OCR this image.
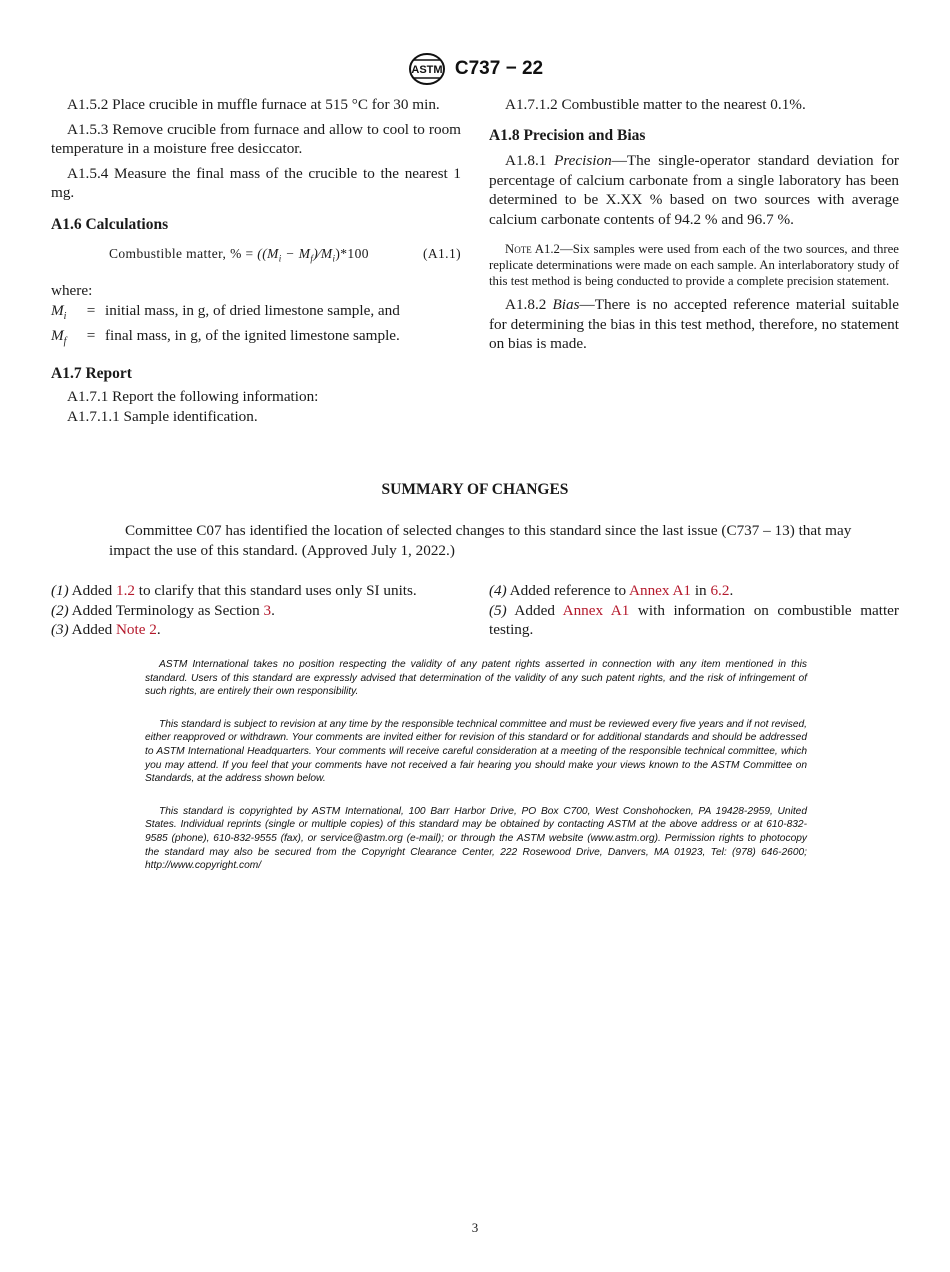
ASTM C737 − 22

A1.5.2 Place crucible in muffle furnace at 515 °C for 30 min.

A1.5.3 Remove crucible from furnace and allow to cool to room temperature in a moisture free desiccator.

A1.5.4 Measure the final mass of the crucible to the nearest 1 mg.

A1.6 Calculations

Combustible matter, % = (($M_i$ − $M_f)⁄M_i)*100$	(A1.1)

where:

$M_i$	= initial mass, in g, of dried limestone sample, and
$M_f$	= final mass, in g, of the ignited limestone sample.

A1.7 Report

A1.7.1 Report the following information:

A1.7.1.1 Sample identification.

A1.7.1.2 Combustible matter to the nearest 0.1%.

A1.8 Precision and Bias

A1.8.1 Precision—The single-operator standard deviation for percentage of calcium carbonate from a single laboratory has been determined to be X.XX % based on two sources with average calcium carbonate contents of 94.2 % and 96.7 %.

Note A1.2—Six samples were used from each of the two sources, and three replicate determinations were made on each sample. An interlaboratory study of this test method is being conducted to provide a complete precision statement.

A1.8.2 Bias—There is no accepted reference material suitable for determining the bias in this test method, therefore, no statement on bias is made.

SUMMARY OF CHANGES
Committee C07 has identified the location of selected changes to this standard since the last issue (C737 – 13) that may impact the use of this standard. (Approved July 1, 2022.)

(1) Added 1.2 to clarify that this standard uses only SI units.

(2) Added Terminology as Section 3.

(3) Added Note 2.

(4) Added reference to Annex A1 in 6.2.

(5) Added Annex A1 with information on combustible matter testing.

ASTM International takes no position respecting the validity of any patent rights asserted in connection with any item mentioned in this standard. Users of this standard are expressly advised that determination of the validity of any such patent rights, and the risk of infringement of such rights, are entirely their own responsibility.

This standard is subject to revision at any time by the responsible technical committee and must be reviewed every five years and if not revised, either reapproved or withdrawn. Your comments are invited either for revision of this standard or for additional standards and should be addressed to ASTM International Headquarters. Your comments will receive careful consideration at a meeting of the responsible technical committee, which you may attend. If you feel that your comments have not received a fair hearing you should make your views known to the ASTM Committee on Standards, at the address shown below.

This standard is copyrighted by ASTM International, 100 Barr Harbor Drive, PO Box C700, West Conshohocken, PA 19428-2959, United States. Individual reprints (single or multiple copies) of this standard may be obtained by contacting ASTM at the above address or at 610-832-9585 (phone), 610-832-9555 (fax), or service@astm.org (e-mail); or through the ASTM website (www.astm.org). Permission rights to photocopy the standard may also be secured from the Copyright Clearance Center, 222 Rosewood Drive, Danvers, MA 01923, Tel: (978) 646-2600; http://www.copyright.com/

3
